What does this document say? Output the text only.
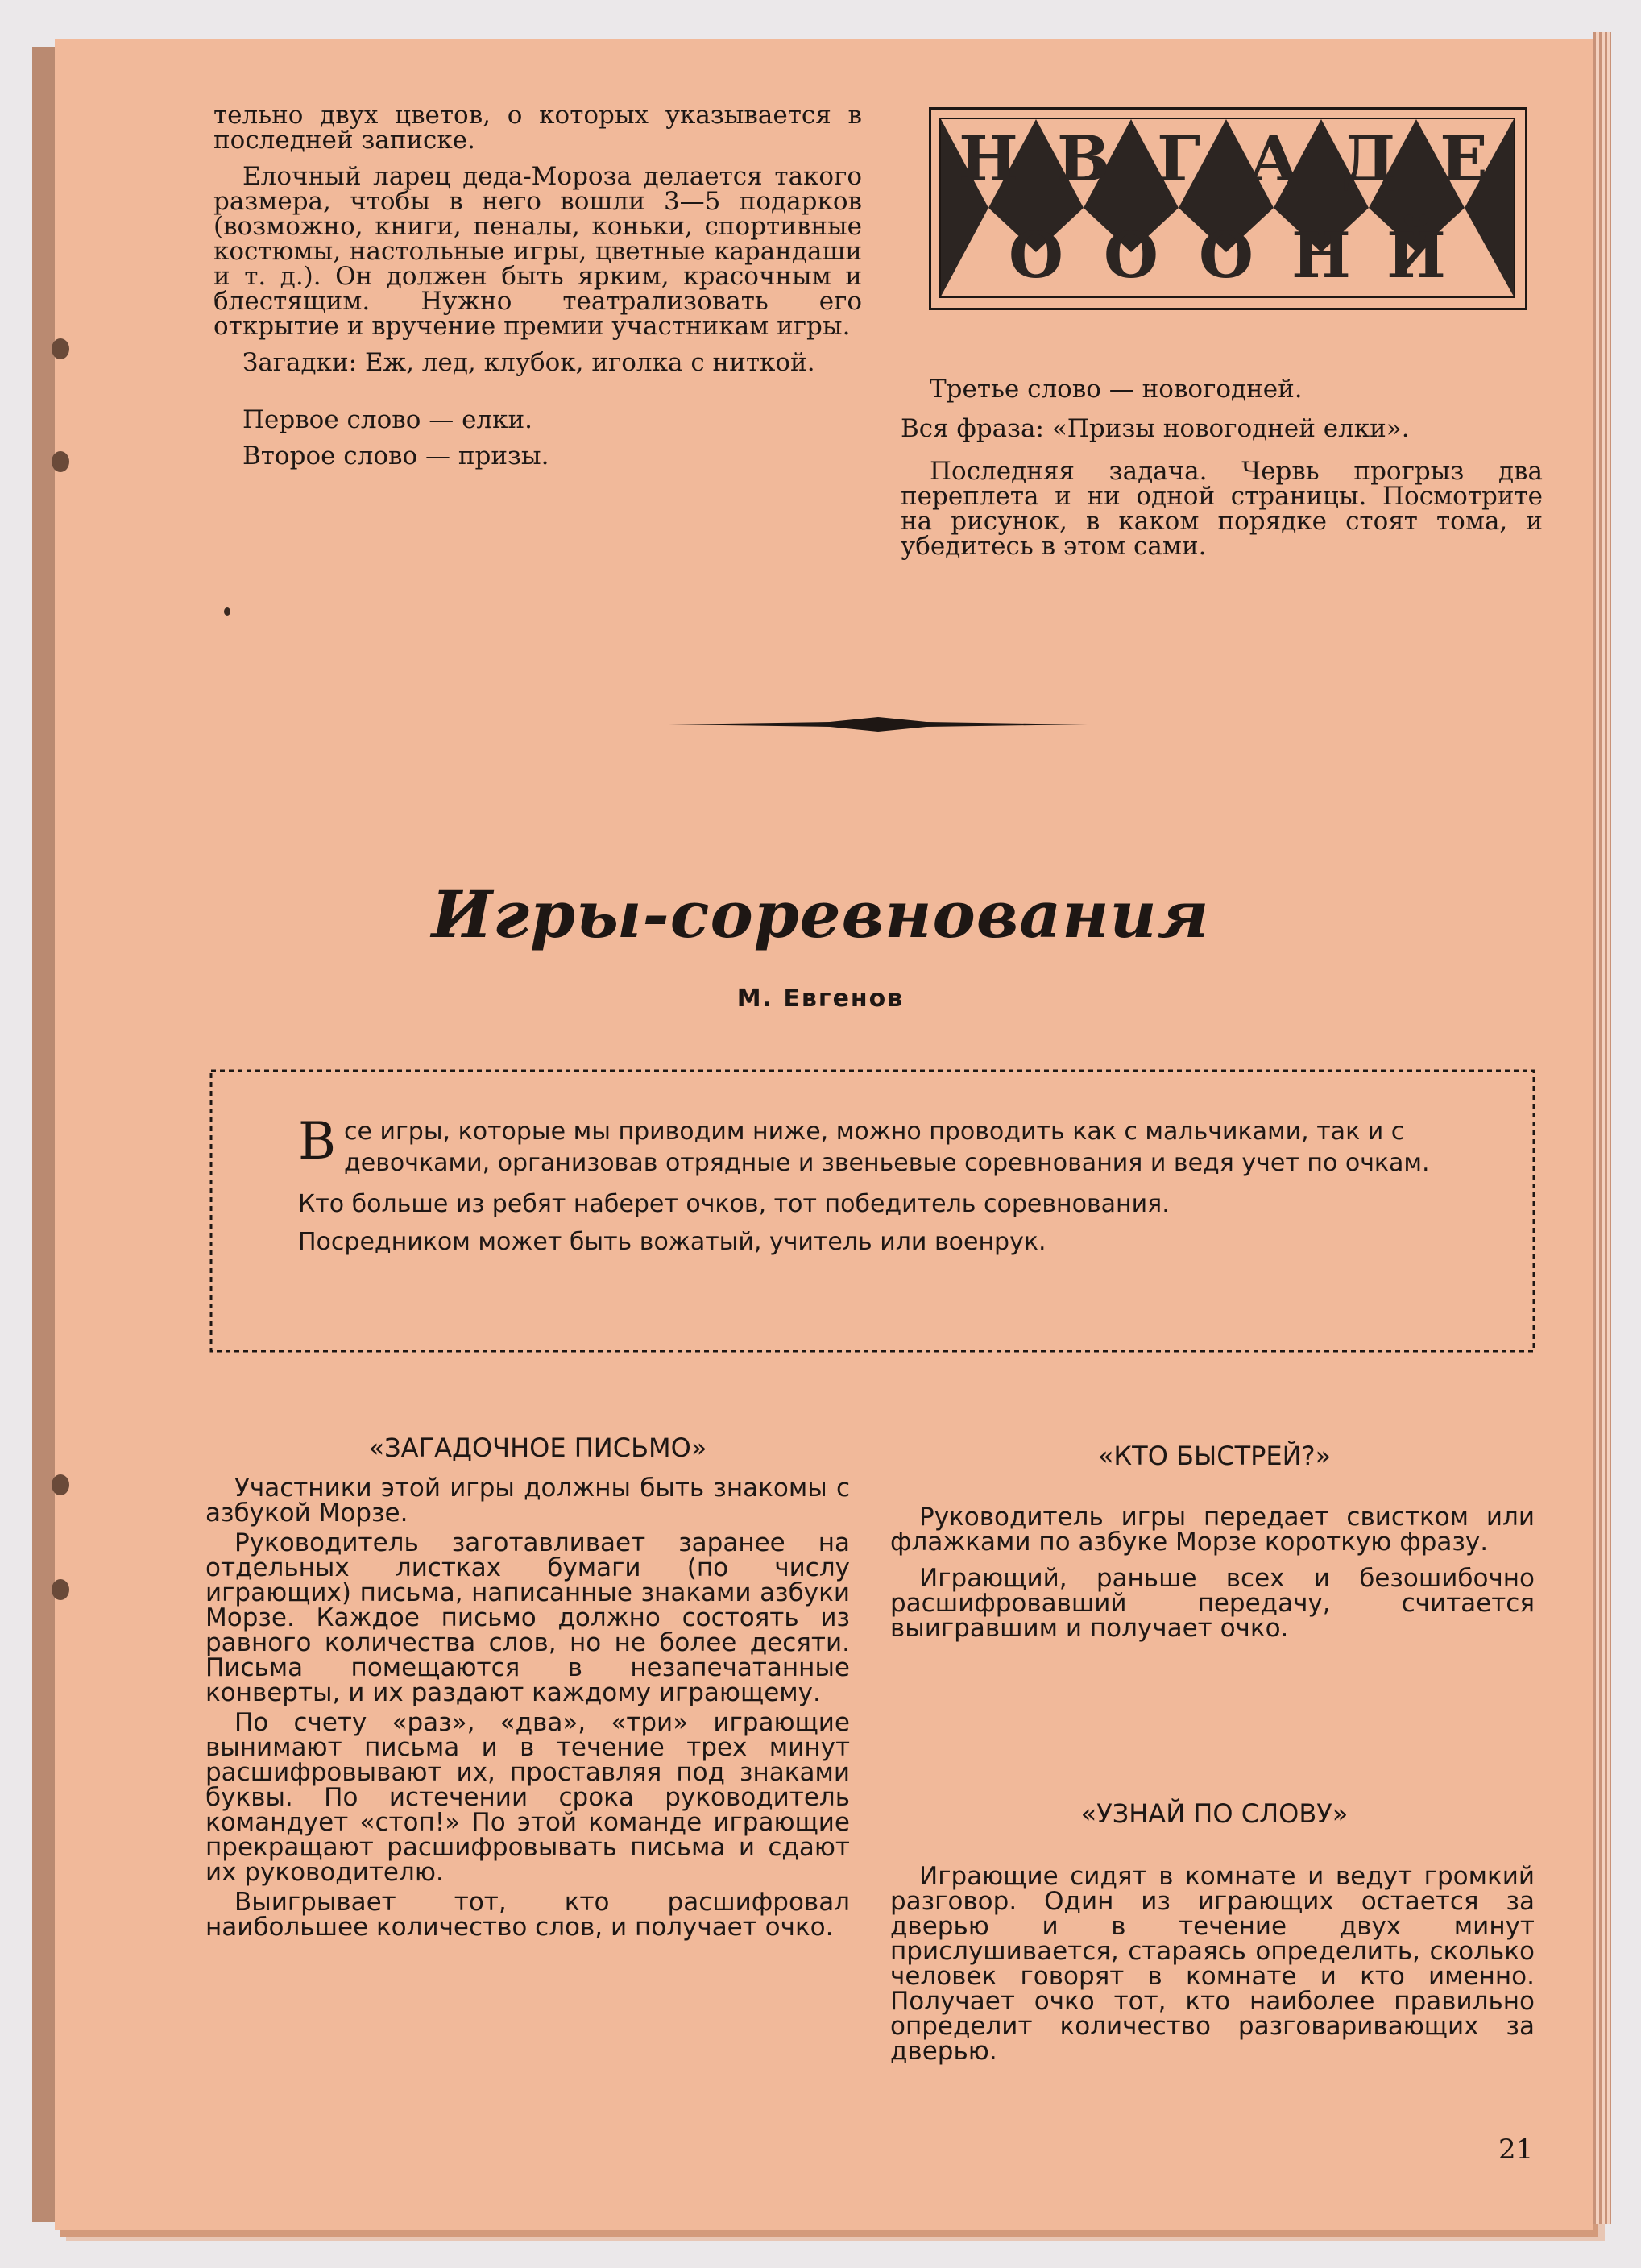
тельно двух цветов, о которых указывается в последней записке.

Елочный ларец деда-Мороза делается такого размера, чтобы в него вошли 3—5 подарков (возможно, книги, пеналы, коньки, спортивные костюмы, настольные игры, цветные карандаши и т. д.). Он должен быть ярким, красочным и блестящим. Нужно театрализовать его открытие и вручение премии участникам игры.

Загадки: Еж, лед, клубок, иголка с ниткой.

Первое слово — елки.

Второе слово — призы.

Н В Г А Д Е
О О О Н Й

Третье слово — новогодней.

Вся фраза: «Призы новогодней елки».

Последняя задача. Червь прогрыз два переплета и ни одной страницы. Посмотрите на рисунок, в каком порядке стоят тома, и убедитесь в этом сами.

Игры-соревнования
М. Евгенов

Все игры, которые мы приводим ниже, можно проводить как с мальчиками, так и с девочками, организовав отрядные и звеньевые соревнования и ведя учет по очкам.

Кто больше из ребят наберет очков, тот победитель соревнования.

Посредником может быть вожатый, учитель или военрук.

«ЗАГАДОЧНОЕ ПИСЬМО»

Участники этой игры должны быть знакомы с азбукой Морзе.

Руководитель заготавливает заранее на отдельных листках бумаги (по числу играющих) письма, написанные знаками азбуки Морзе. Каждое письмо должно состоять из равного количества слов, но не более десяти. Письма помещаются в незапечатанные конверты, и их раздают каждому играющему.

По счету «раз», «два», «три» играющие вынимают письма и в течение трех минут расшифровывают их, проставляя под знаками буквы. По истечении срока руководитель командует «стоп!» По этой команде играющие прекращают расшифровывать письма и сдают их руководителю.

Выигрывает тот, кто расшифровал наибольшее количество слов, и получает очко.

«КТО БЫСТРЕЙ?»

Руководитель игры передает свистком или флажками по азбуке Морзе короткую фразу.

Играющий, раньше всех и безошибочно расшифровавший передачу, считается выигравшим и получает очко.

«УЗНАЙ ПО СЛОВУ»

Играющие сидят в комнате и ведут громкий разговор. Один из играющих остается за дверью и в течение двух минут прислушивается, стараясь определить, сколько человек говорят в комнате и кто именно. Получает очко тот, кто наиболее правильно определит количество разговаривающих за дверью.

21
